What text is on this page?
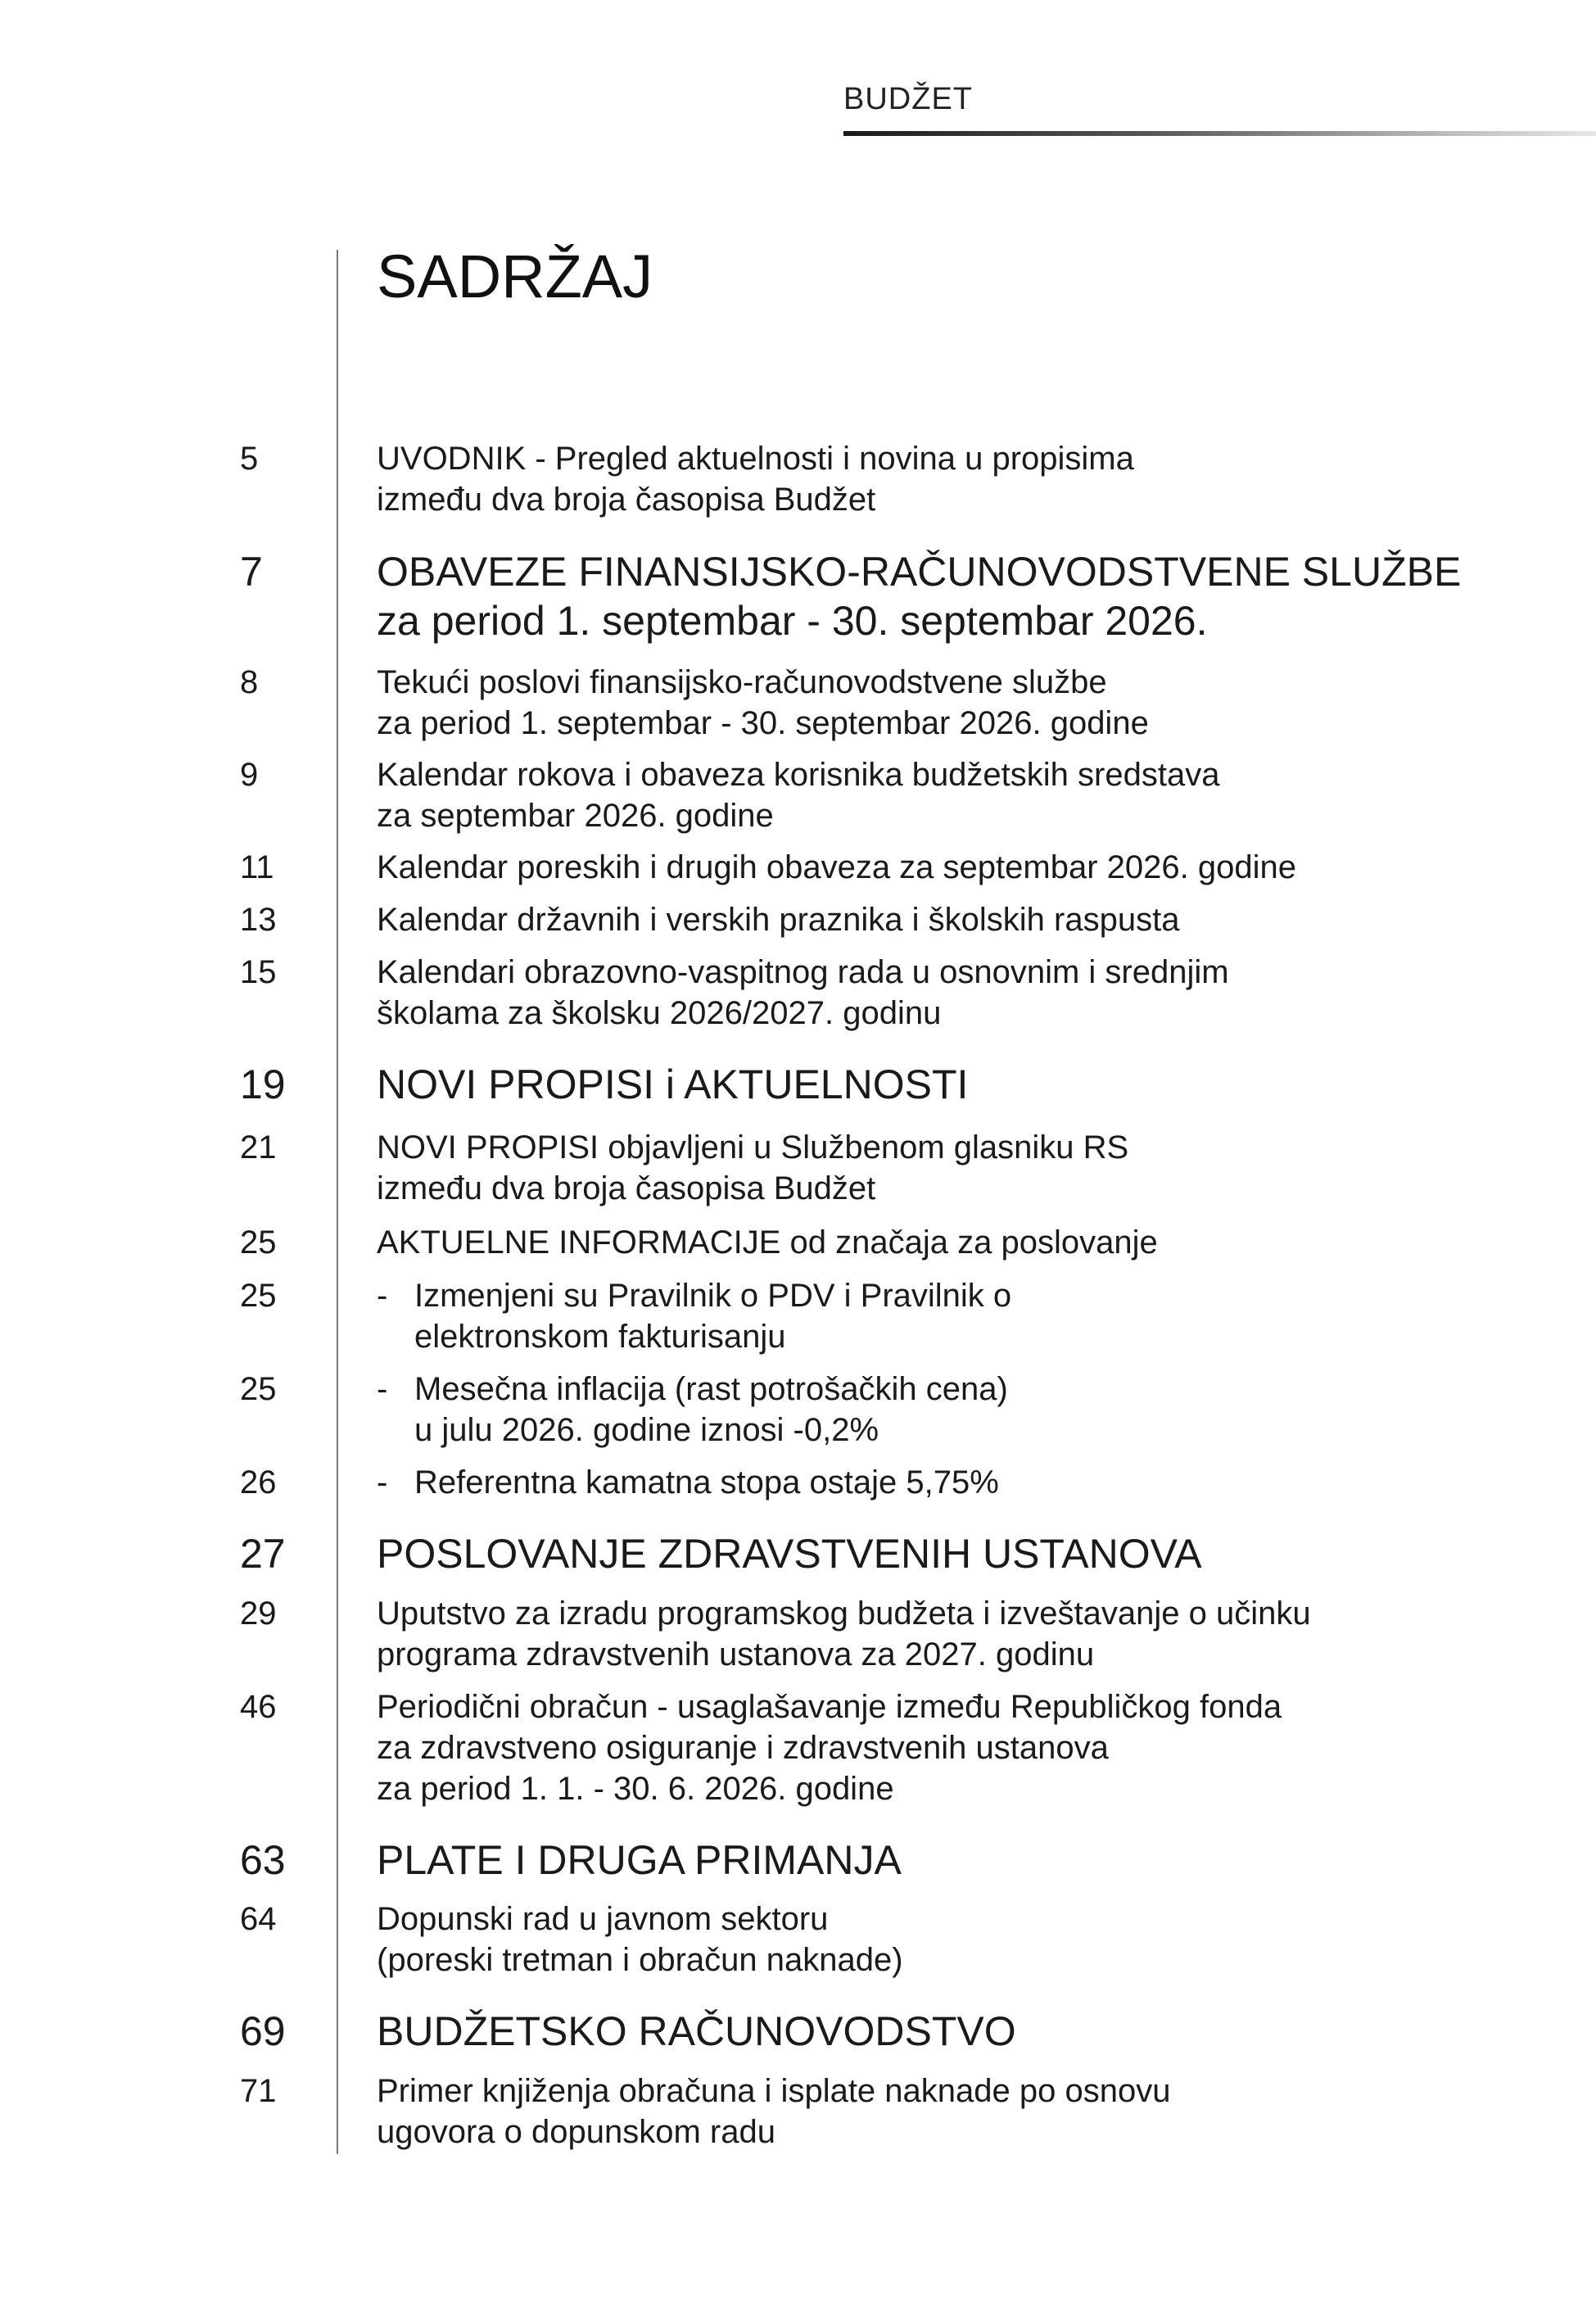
BUDŽET
SADRŽAJ
5	UVODNIK - Pregled aktuelnosti i novina u propisima
između dva broja časopisa Budžet
7	OBAVEZE FINANSIJSKO-RAČUNOVODSTVENE SLUŽBE
za period 1. septembar - 30. septembar 2026.
8	Tekući poslovi finansijsko-računovodstvene službe
za period 1. septembar - 30. septembar 2026. godine
9	Kalendar rokova i obaveza korisnika budžetskih sredstava
za septembar 2026. godine
11	Kalendar poreskih i drugih obaveza za septembar 2026. godine
13	Kalendar državnih i verskih praznika i školskih raspusta
15	Kalendari obrazovno-vaspitnog rada u osnovnim i srednjim
školama za školsku 2026/2027. godinu
19 NOVI PROPISI i AKTUELNOSTI
21	NOVI PROPISI objavljeni u Službenom glasniku RS
između dva broja časopisa Budžet
25	AKTUELNE INFORMACIJE od značaja za poslovanje
25	- Izmenjeni su Pravilnik o PDV i Pravilnik o
elektronskom fakturisanju
25	- Mesečna inflacija (rast potrošačkih cena)
u julu 2026. godine iznosi -0,2%
26	- Referentna kamatna stopa ostaje 5,75%
27 POSLOVANJE ZDRAVSTVENIH USTANOVA
29	Uputstvo za izradu programskog budžeta i izveštavanje o učinku
programa zdravstvenih ustanova za 2027. godinu
46	Periodični obračun - usaglašavanje između Republičkog fonda
za zdravstveno osiguranje i zdravstvenih ustanova
za period 1. 1. - 30. 6. 2026. godine
63 PLATE I DRUGA PRIMANJA
64	Dopunski rad u javnom sektoru
(poreski tretman i obračun naknade)
69 BUDŽETSKO RAČUNOVODSTVO
71	Primer knjiženja obračuna i isplate naknade po osnovu
ugovora o dopunskom radu
